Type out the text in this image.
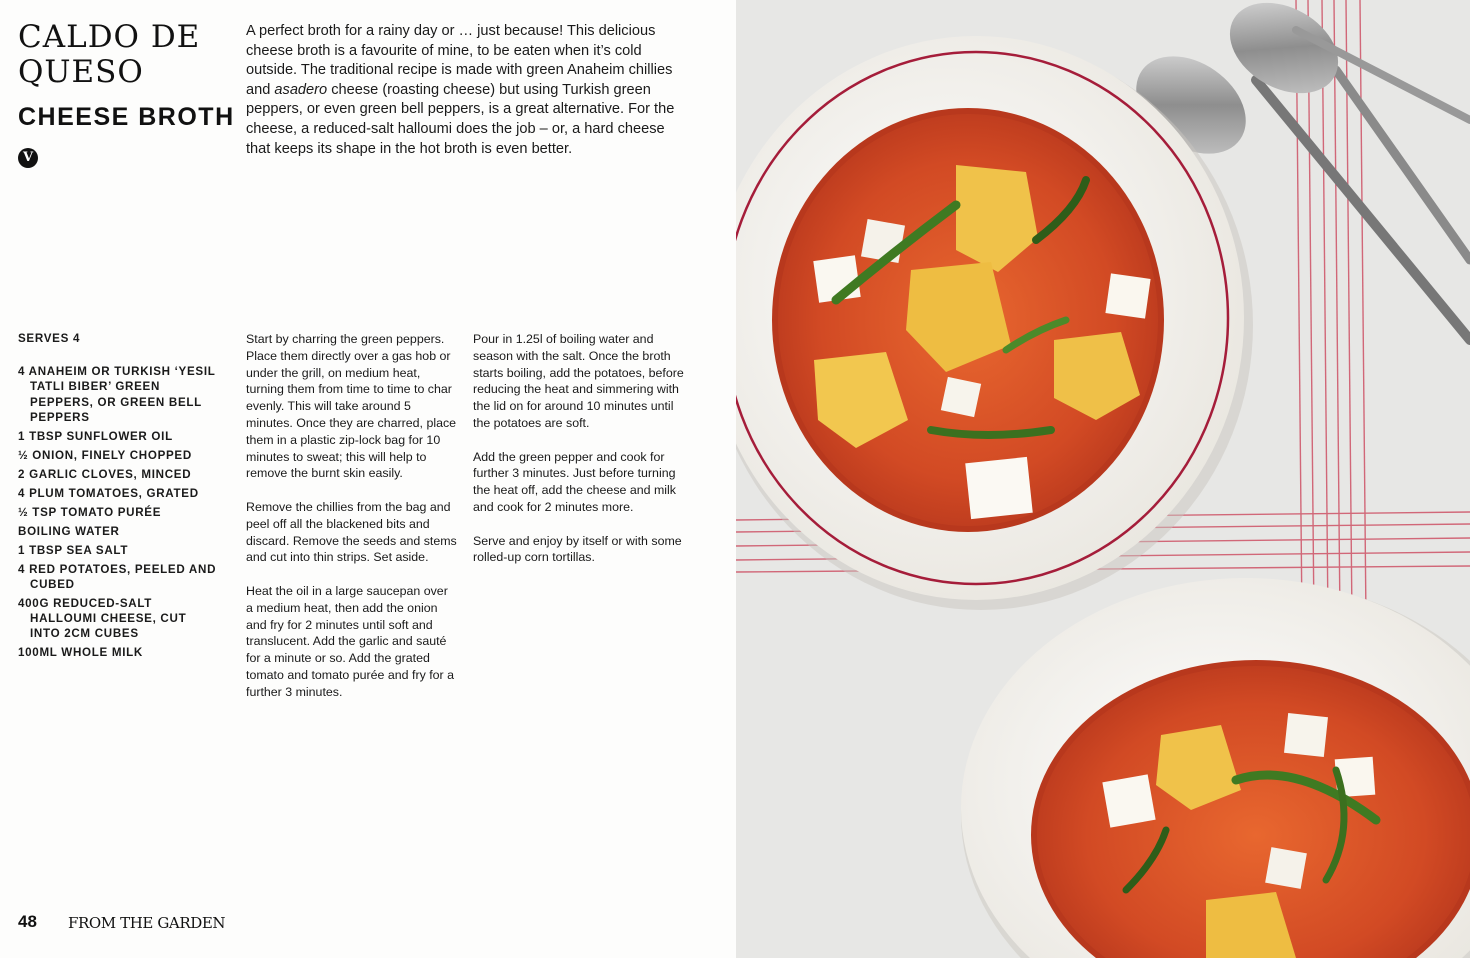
CALDO DE QUESO
CHEESE BROTH
V

A perfect broth for a rainy day or … just because! This delicious cheese broth is a favourite of mine, to be eaten when it’s cold outside. The traditional recipe is made with green Anaheim chillies and asadero cheese (roasting cheese) but using Turkish green peppers, or even green bell peppers, is a great alternative. For the cheese, a reduced-salt halloumi does the job – or, a hard cheese that keeps its shape in the hot broth is even better.

SERVES 4
4 ANAHEIM OR TURKISH ‘YESIL TATLI BIBER’ GREEN PEPPERS, OR GREEN BELL PEPPERS
1 TBSP SUNFLOWER OIL
½ ONION, FINELY CHOPPED
2 GARLIC CLOVES, MINCED
4 PLUM TOMATOES, GRATED
½ TSP TOMATO PURÉE
BOILING WATER
1 TBSP SEA SALT
4 RED POTATOES, PEELED AND CUBED
400G REDUCED-SALT HALLOUMI CHEESE, CUT INTO 2CM CUBES
100ML WHOLE MILK

Start by charring the green peppers. Place them directly over a gas hob or under the grill, on medium heat, turning them from time to time to char evenly. This will take around 5 minutes. Once they are charred, place them in a plastic zip-lock bag for 10 minutes to sweat; this will help to remove the burnt skin easily.

Remove the chillies from the bag and peel off all the blackened bits and discard. Remove the seeds and stems and cut into thin strips. Set aside.

Heat the oil in a large saucepan over a medium heat, then add the onion and fry for 2 minutes until soft and translucent. Add the garlic and sauté for a minute or so. Add the grated tomato and tomato purée and fry for a further 3 minutes.

Pour in 1.25l of boiling water and season with the salt. Once the broth starts boiling, add the potatoes, before reducing the heat and simmering with the lid on for around 10 minutes until the potatoes are soft.

Add the green pepper and cook for further 3 minutes. Just before turning the heat off, add the cheese and milk and cook for 2 minutes more.

Serve and enjoy by itself or with some rolled-up corn tortillas.

48 FROM THE GARDEN
